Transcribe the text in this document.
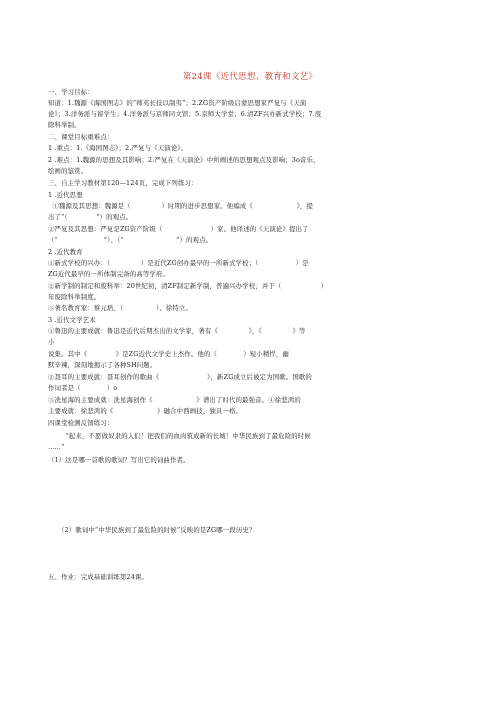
第24课《近代思想、教育和文艺》
一、学习目标：
知道：1.魏源《海国图志》的“师夷长技以制夷”；2.ZG资产阶级启蒙思想家严复与《天演
论》；3.洋务派与留学生；4.洋务派与京师同文馆；5.京师大学堂；6.清ZF兴办新式学校；7.废
除科举制。
二、课堂目标重难点：
1 .重点：1.《海国图志》；2.严复与《天演论》。
2 .难点：1.魏源的思想及其影响；2.严复在《天演论》中所阐述的思想观点及影响；3o音乐、
绘画的鉴赏。
三、自主学习教材第120—124页，完成下列练习：
1 .近代思想
①魏源及其思想：魏源是（              ）时期的进步思想家。他编成《                    》，提
出了“（             ”）的观点。
②严复及其思想：严复是ZG资产阶级（                      ）家。他译述的《天演论》提出了
（“                     ”）、（“                        ”）的观点。
2 .近代教育
①新式学校的兴办：（              ）是近代ZG创办最早的一所新式学校；（                 ）是
ZG近代最早的一所体制完备的高等学府。
②新学制的制定和废科举：20世纪初，清ZF制定新学制，普遍兴办学校，并于（                  ）
年废除科举制度。
③著名教育家：蔡元培、（               ）、徐特立。
3 .近代文学艺术
①鲁迅的主要成就：鲁迅是近代后期杰出的文学家，著有《              》，《              》等
小
说集。其中《             》是ZG近代文学史上杰作。他的（            ）短小精悍，幽
默辛辣，深刻地揭示了各种SH问题。
②聂耳的主要成就：聂耳创作的歌曲《                      》，新ZG成立后被定为国歌。国歌的
作词者是（            ）o
③冼星海的主要成就：冼星海创作《                    》谱出了时代的最强音。④徐悲鸿的
主要成就：徐悲鸿的《                    》融合中西画技，独具一格。
四课堂检测反馈练习：
“起来，不愿做奴隶的人们！把我们的血肉筑成新的长城！中华民族到了最危险的时候
……”
（1）这是哪一首歌的歌词？写出它的词曲作者。
（2）歌词中“中华民族到了最危险的时候”反映的是ZG哪一段历史？
五、作业：完成基础训练第24课。
